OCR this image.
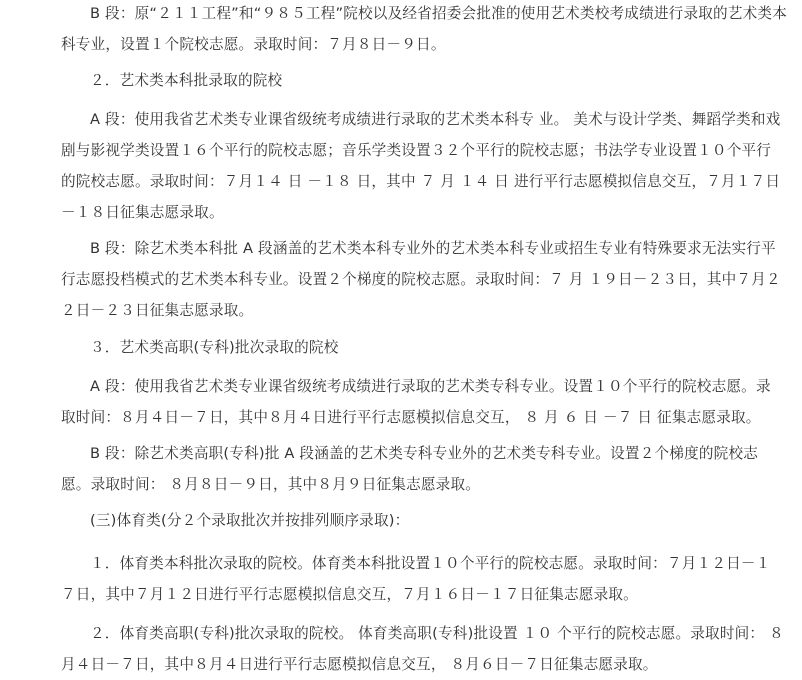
B 段：原“２１１工程”和“９８５工程”院校以及经省招委会批准的使用艺术类校考成绩进行录取的艺术类本
科专业，设置１个院校志愿。录取时间：７月８日－９日。
２．艺术类本科批录取的院校
A 段：使用我省艺术类专业课省级统考成绩进行录取的艺术类本科专 业。 美术与设计学类、舞蹈学类和戏
剧与影视学类设置１６个平行的院校志愿；音乐学类设置３２个平行的院校志愿；书法学专业设置１０个平行
的院校志愿。录取时间：７月１４ 日 －１８ 日，其中 ７ 月 １４ 日 进行平行志愿模拟信息交互，７月１７日
－１８日征集志愿录取。
B 段：除艺术类本科批 A 段涵盖的艺术类本科专业外的艺术类本科专业或招生专业有特殊要求无法实行平
行志愿投档模式的艺术类本科专业。设置２个梯度的院校志愿。录取时间：７ 月 １９日－２３日，其中７月２
２日－２３日征集志愿录取。
３．艺术类高职(专科)批次录取的院校
A 段：使用我省艺术类专业课省级统考成绩进行录取的艺术类专科专业。设置１０个平行的院校志愿。录
取时间：８月４日－７日，其中８月４日进行平行志愿模拟信息交互， ８ 月 ６ 日 －７ 日 征集志愿录取。
B 段：除艺术类高职(专科)批 A 段涵盖的艺术类专科专业外的艺术类专科专业。设置２个梯度的院校志
愿。录取时间： ８月８日－９日，其中８月９日征集志愿录取。
(三)体育类(分２个录取批次并按排列顺序录取)：
１．体育类本科批次录取的院校。体育类本科批设置１０个平行的院校志愿。录取时间：７月１２日－１
７日，其中７月１２日进行平行志愿模拟信息交互，７月１６日－１７日征集志愿录取。
２．体育类高职(专科)批次录取的院校。 体育类高职(专科)批设置 １０ 个平行的院校志愿。录取时间： ８
月４日－７日，其中８月４日进行平行志愿模拟信息交互， ８月６日－７日征集志愿录取。
